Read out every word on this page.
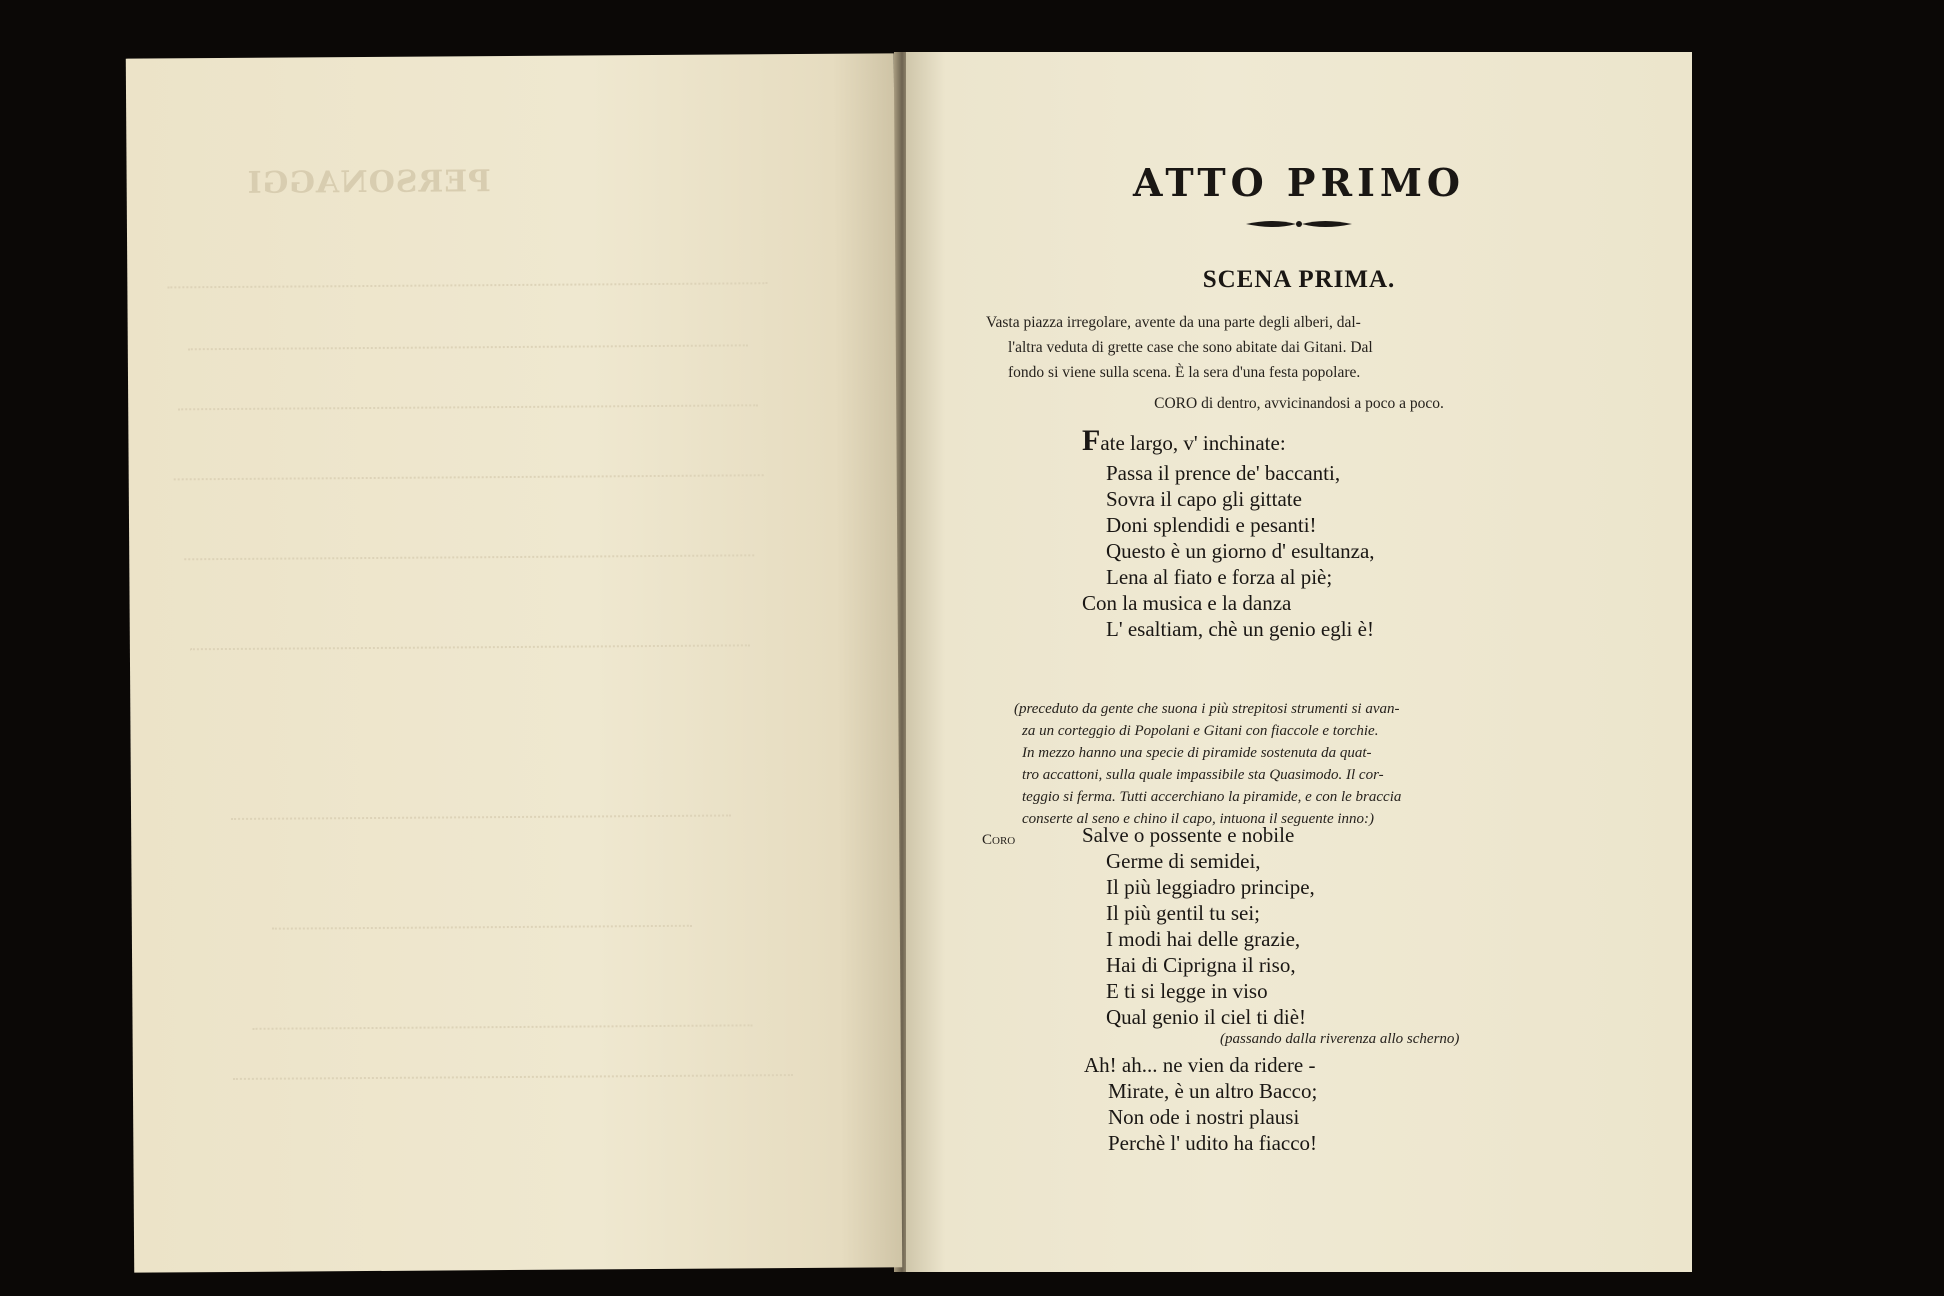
PERSONAGGI	ATTO PRIMO
SCENA PRIMA.
Vasta piazza irregolare, avente da una parte degli alberi, dal-
l'altra veduta di grette case che sono abitate dai Gitani. Dal
fondo si viene sulla scena. È la sera d'una festa popolare.
CORO di dentro, avvicinandosi a poco a poco.
Fate largo, v' inchinate:
Passa il prence de' baccanti,
Sovra il capo gli gittate
Doni splendidi e pesanti!
Questo è un giorno d' esultanza,
Lena al fiato e forza al piè;
Con la musica e la danza
L' esaltiam, chè un genio egli è!
(preceduto da gente che suona i più strepitosi strumenti si avan-
za un corteggio di Popolani e Gitani con fiaccole e torchie.
In mezzo hanno una specie di piramide sostenuta da quat-
tro accattoni, sulla quale impassibile sta Quasimodo. Il cor-
teggio si ferma. Tutti accerchiano la piramide, e con le braccia
conserte al seno e chino il capo, intuona il seguente inno:)
Coro	Salve o possente e nobile
Germe di semidei,
Il più leggiadro principe,
Il più gentil tu sei;
I modi hai delle grazie,
Hai di Ciprigna il riso,
E ti si legge in viso
Qual genio il ciel ti diè!
(passando dalla riverenza allo scherno)
Ah! ah... ne vien da ridere -
Mirate, è un altro Bacco;
Non ode i nostri plausi
Perchè l' udito ha fiacco!
